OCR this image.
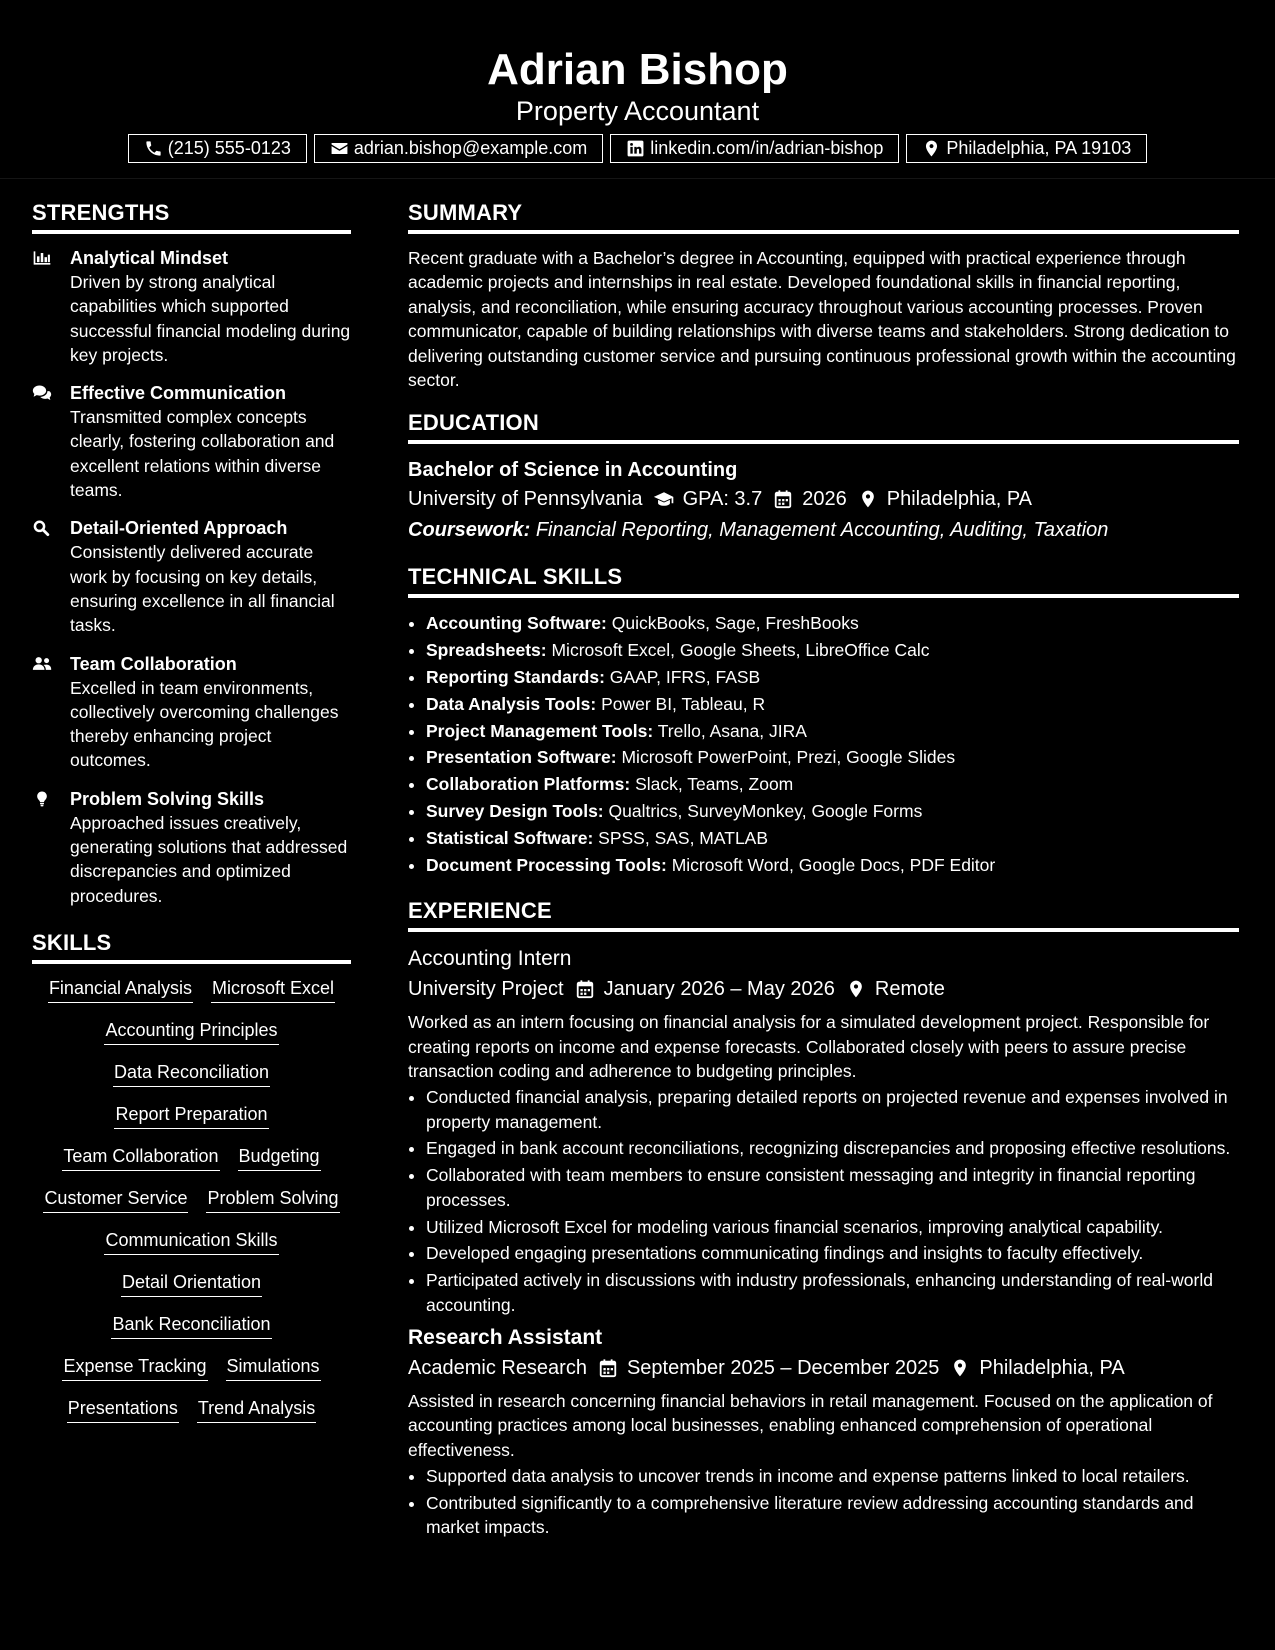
Adrian Bishop
Property Accountant
(215) 555-0123	adrian.bishop@example.com	linkedin.com/in/adrian-bishop	Philadelphia, PA 19103
STRENGTHS
Analytical Mindset
Driven by strong analytical capabilities which supported successful financial modeling during key projects.
Effective Communication
Transmitted complex concepts clearly, fostering collaboration and excellent relations within diverse teams.
Detail-Oriented Approach
Consistently delivered accurate work by focusing on key details, ensuring excellence in all financial tasks.
Team Collaboration
Excelled in team environments, collectively overcoming challenges thereby enhancing project outcomes.
Problem Solving Skills
Approached issues creatively, generating solutions that addressed discrepancies and optimized procedures.
SKILLS
Financial Analysis Microsoft Excel
Accounting Principles
Data Reconciliation
Report Preparation
Team Collaboration Budgeting
Customer Service Problem Solving
Communication Skills
Detail Orientation
Bank Reconciliation
Expense Tracking Simulations
Presentations Trend Analysis
SUMMARY
Recent graduate with a Bachelor’s degree in Accounting, equipped with practical experience through academic projects and internships in real estate. Developed foundational skills in financial reporting, analysis, and reconciliation, while ensuring accuracy throughout various accounting processes. Proven communicator, capable of building relationships with diverse teams and stakeholders. Strong dedication to delivering outstanding customer service and pursuing continuous professional growth within the accounting sector.
EDUCATION
Bachelor of Science in Accounting
University of Pennsylvania GPA: 3.7 2026 Philadelphia, PA
Coursework: Financial Reporting, Management Accounting, Auditing, Taxation
TECHNICAL SKILLS
• Accounting Software: QuickBooks, Sage, FreshBooks
• Spreadsheets: Microsoft Excel, Google Sheets, LibreOffice Calc
• Reporting Standards: GAAP, IFRS, FASB
• Data Analysis Tools: Power BI, Tableau, R
• Project Management Tools: Trello, Asana, JIRA
• Presentation Software: Microsoft PowerPoint, Prezi, Google Slides
• Collaboration Platforms: Slack, Teams, Zoom
• Survey Design Tools: Qualtrics, SurveyMonkey, Google Forms
• Statistical Software: SPSS, SAS, MATLAB
• Document Processing Tools: Microsoft Word, Google Docs, PDF Editor
EXPERIENCE
Accounting Intern
University Project January 2026 – May 2026 Remote
Worked as an intern focusing on financial analysis for a simulated development project. Responsible for creating reports on income and expense forecasts. Collaborated closely with peers to assure precise transaction coding and adherence to budgeting principles.
• Conducted financial analysis, preparing detailed reports on projected revenue and expenses involved in property management.
• Engaged in bank account reconciliations, recognizing discrepancies and proposing effective resolutions.
• Collaborated with team members to ensure consistent messaging and integrity in financial reporting processes.
• Utilized Microsoft Excel for modeling various financial scenarios, improving analytical capability.
• Developed engaging presentations communicating findings and insights to faculty effectively.
• Participated actively in discussions with industry professionals, enhancing understanding of real-world accounting.
Research Assistant
Academic Research September 2025 – December 2025 Philadelphia, PA
Assisted in research concerning financial behaviors in retail management. Focused on the application of accounting practices among local businesses, enabling enhanced comprehension of operational effectiveness.
• Supported data analysis to uncover trends in income and expense patterns linked to local retailers.
• Contributed significantly to a comprehensive literature review addressing accounting standards and market impacts.
